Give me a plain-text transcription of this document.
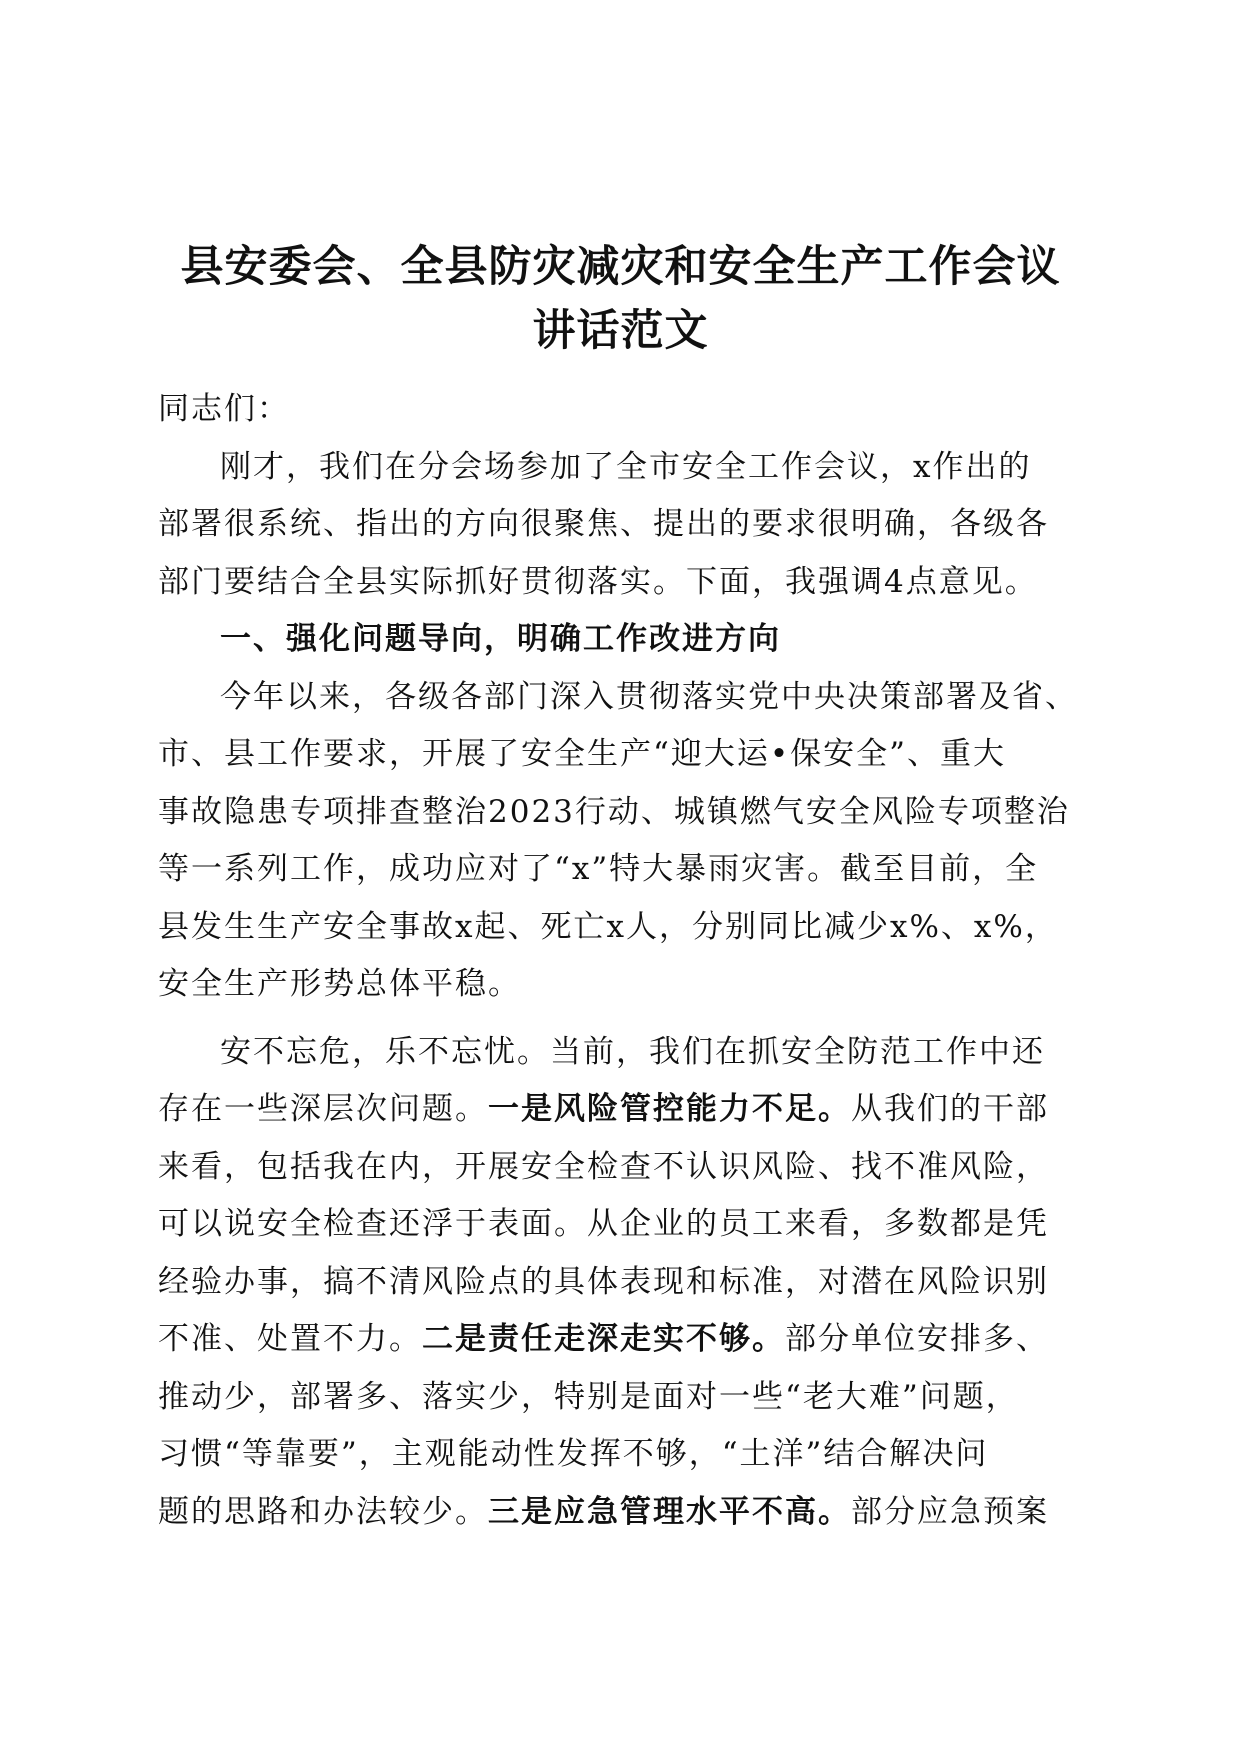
县安委会、全县防灾减灾和安全生产工作会议
讲话范文

同志们：

刚才，我们在分会场参加了全市安全工作会议，x作出的
部署很系统、指出的方向很聚焦、提出的要求很明确，各级各
部门要结合全县实际抓好贯彻落实。下面，我强调4点意见。

一、强化问题导向，明确工作改进方向

今年以来，各级各部门深入贯彻落实党中央决策部署及省、
市、县工作要求，开展了安全生产“迎大运•保安全”、重大
事故隐患专项排查整治2023行动、城镇燃气安全风险专项整治
等一系列工作，成功应对了“x”特大暴雨灾害。截至目前，全
县发生生产安全事故x起、死亡x人，分别同比减少x%、x%，
安全生产形势总体平稳。

安不忘危，乐不忘忧。当前，我们在抓安全防范工作中还
存在一些深层次问题。一是风险管控能力不足。从我们的干部
来看，包括我在内，开展安全检查不认识风险、找不准风险，
可以说安全检查还浮于表面。从企业的员工来看，多数都是凭
经验办事，搞不清风险点的具体表现和标准，对潜在风险识别
不准、处置不力。二是责任走深走实不够。部分单位安排多、
推动少，部署多、落实少，特别是面对一些“老大难”问题，
习惯“等靠要”，主观能动性发挥不够，“土洋”结合解决问
题的思路和办法较少。三是应急管理水平不高。部分应急预案
